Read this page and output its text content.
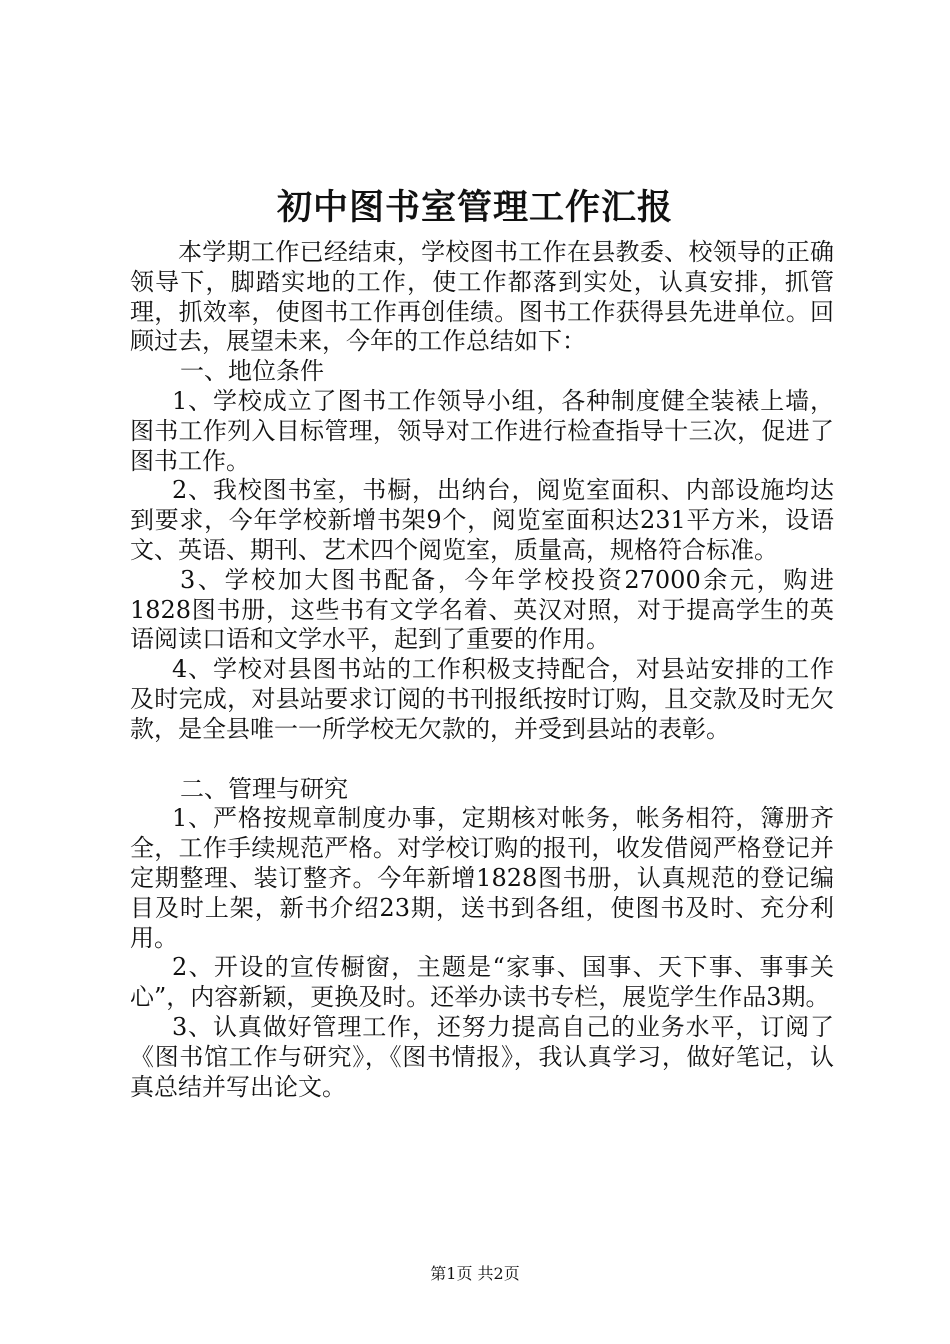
初中图书室管理工作汇报

本学期工作已经结束，学校图书工作在县教委、校领导的正确领导下，脚踏实地的工作，使工作都落到实处，认真安排，抓管理，抓效率，使图书工作再创佳绩。图书工作获得县先进单位。回顾过去，展望未来，今年的工作总结如下：

一、地位条件

1、学校成立了图书工作领导小组，各种制度健全装裱上墙，图书工作列入目标管理，领导对工作进行检查指导十三次，促进了图书工作。

2、我校图书室，书橱，出纳台，阅览室面积、内部设施均达到要求，今年学校新增书架9个，阅览室面积达231平方米，设语文、英语、期刊、艺术四个阅览室，质量高，规格符合标准。

3、学校加大图书配备，今年学校投资27000余元，购进1828图书册，这些书有文学名着、英汉对照，对于提高学生的英语阅读口语和文学水平，起到了重要的作用。

4、学校对县图书站的工作积极支持配合，对县站安排的工作及时完成，对县站要求订阅的书刊报纸按时订购，且交款及时无欠款，是全县唯一一所学校无欠款的，并受到县站的表彰。

二、管理与研究

1、严格按规章制度办事，定期核对帐务，帐务相符，簿册齐全，工作手续规范严格。对学校订购的报刊，收发借阅严格登记并定期整理、装订整齐。今年新增1828图书册，认真规范的登记编目及时上架，新书介绍23期，送书到各组，使图书及时、充分利用。

2、开设的宣传橱窗，主题是“家事、国事、天下事、事事关心”，内容新颖，更换及时。还举办读书专栏，展览学生作品3期。

3、认真做好管理工作，还努力提高自己的业务水平，订阅了《图书馆工作与研究》，《图书情报》，我认真学习，做好笔记，认真总结并写出论文。

第1页 共2页
